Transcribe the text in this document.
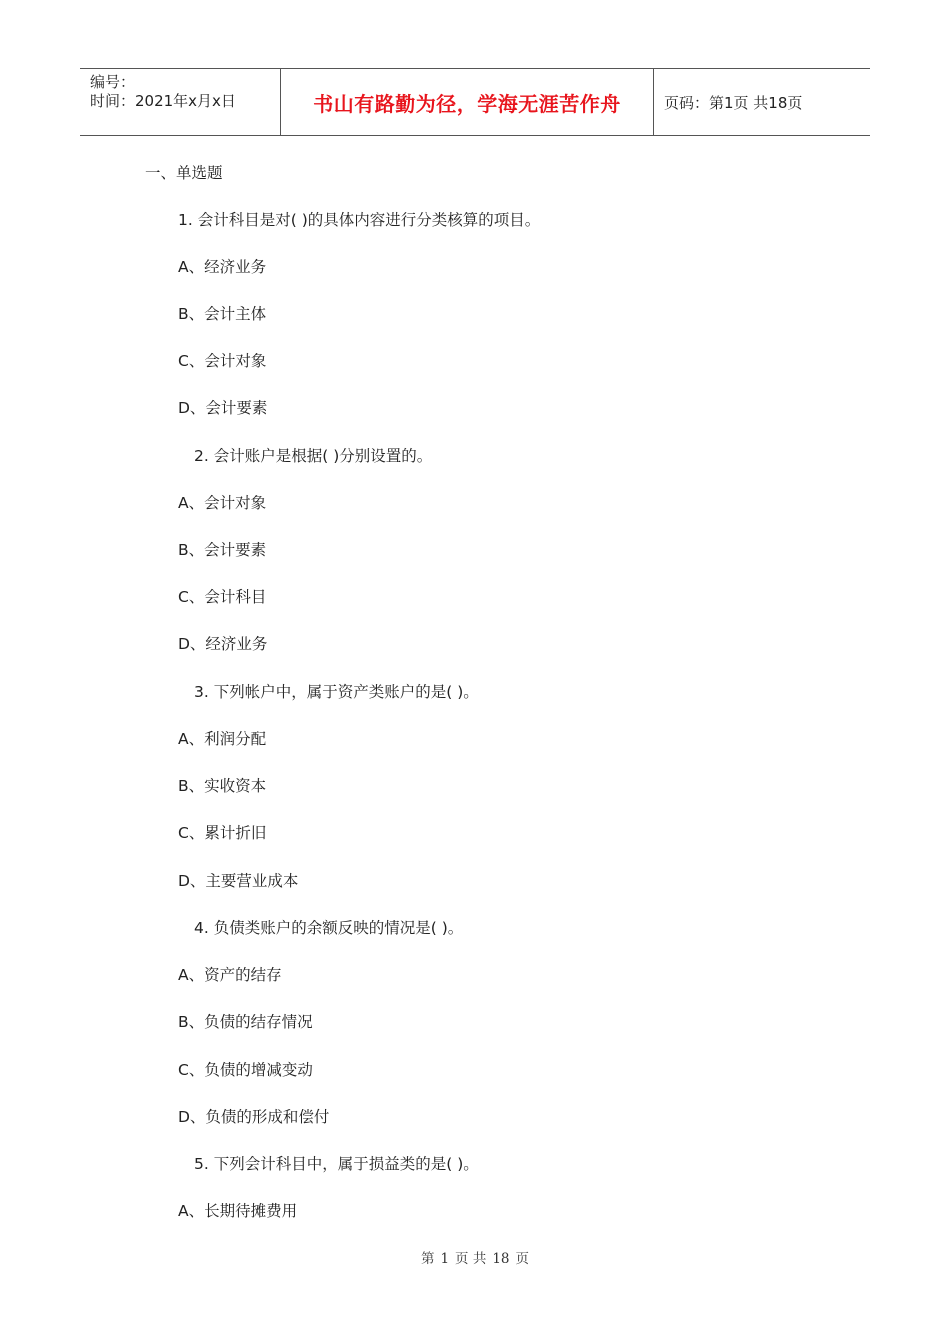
编号：
时间：2021年x月x日	书山有路勤为径，学海无涯苦作舟	页码：第1页 共18页
一、单选题
1. 会计科目是对( )的具体内容进行分类核算的项目。
A、经济业务
B、会计主体
C、会计对象
D、会计要素
2. 会计账户是根据( )分别设置的。
A、会计对象
B、会计要素
C、会计科目
D、经济业务
3. 下列帐户中，属于资产类账户的是( )。
A、利润分配
B、实收资本
C、累计折旧
D、主要营业成本
4. 负债类账户的余额反映的情况是( )。
A、资产的结存
B、负债的结存情况
C、负债的增减变动
D、负债的形成和偿付
5. 下列会计科目中，属于损益类的是( )。
A、长期待摊费用
第 1 页 共 18 页
